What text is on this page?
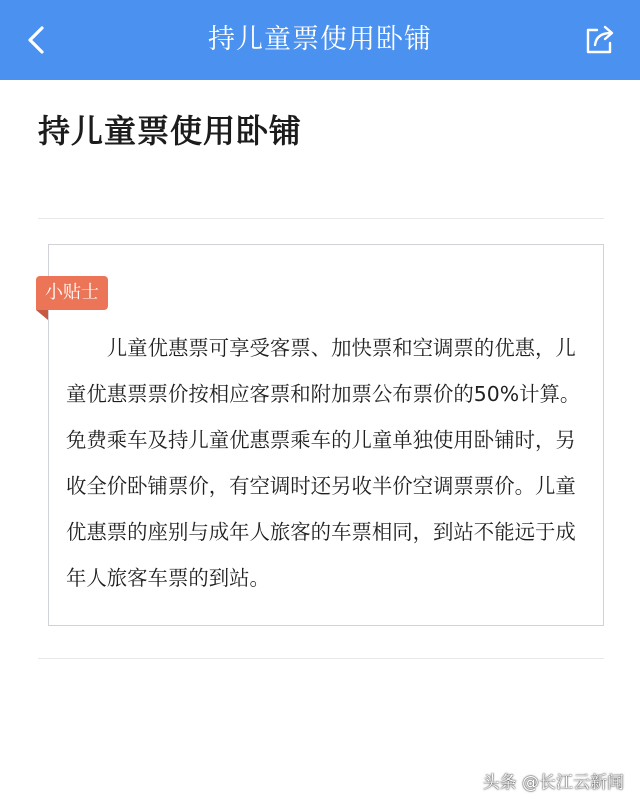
持儿童票使用卧铺
持儿童票使用卧铺
小贴士

儿童优惠票可享受客票、加快票和空调票的优惠，儿童优惠票票价按相应客票和附加票公布票价的50%计算。免费乘车及持儿童优惠票乘车的儿童单独使用卧铺时，另收全价卧铺票价，有空调时还另收半价空调票票价。儿童优惠票的座别与成年人旅客的车票相同，到站不能远于成年人旅客车票的到站。

头条 @长江云新闻
